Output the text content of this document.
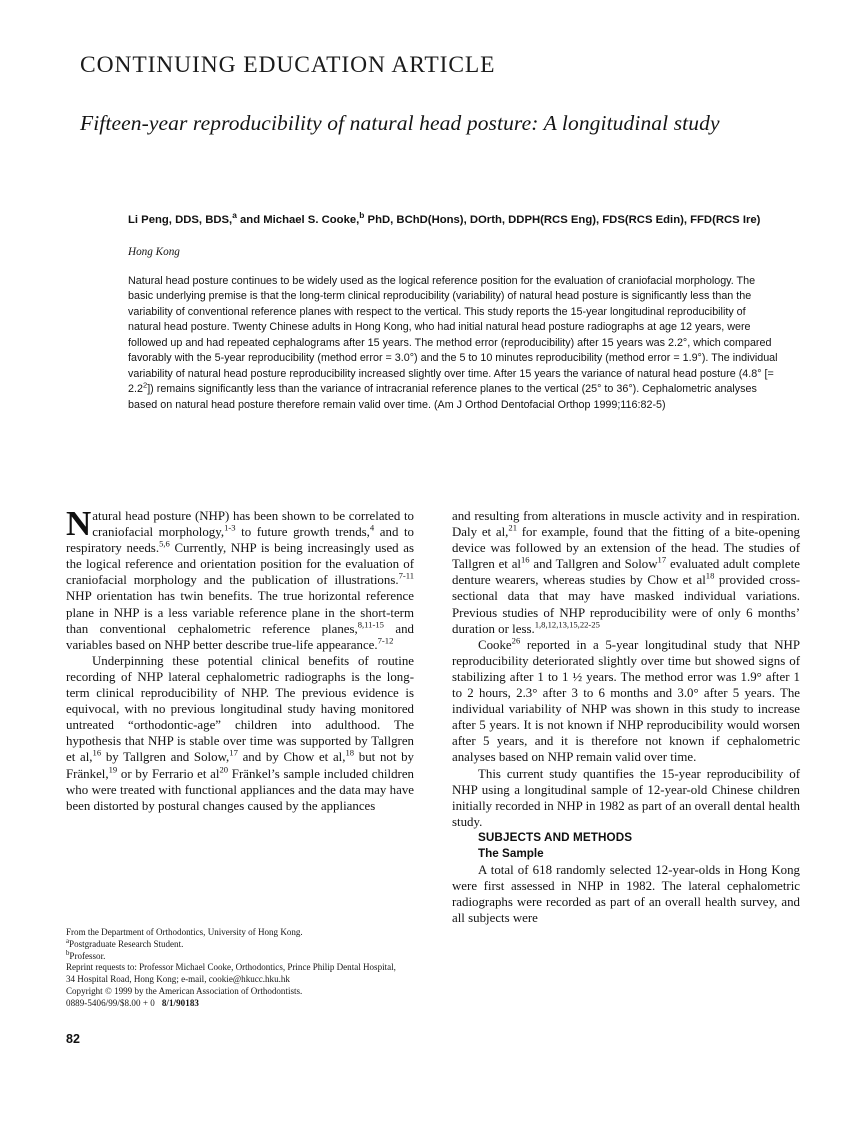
CONTINUING EDUCATION ARTICLE
Fifteen-year reproducibility of natural head posture: A longitudinal study
Li Peng, DDS, BDS,$^a$ and Michael S. Cooke,$^b$ PhD, BChD(Hons), DOrth, DDPH(RCS Eng), FDS(RCS Edin), FFD(RCS Ire)
Hong Kong
Natural head posture continues to be widely used as the logical reference position for the evaluation of craniofacial morphology. The basic underlying premise is that the long-term clinical reproducibility (variability) of natural head posture is significantly less than the variability of conventional reference planes with respect to the vertical. This study reports the 15-year longitudinal reproducibility of natural head posture. Twenty Chinese adults in Hong Kong, who had initial natural head posture radiographs at age 12 years, were followed up and had repeated cephalograms after 15 years. The method error (reproducibility) after 15 years was 2.2°, which compared favorably with the 5-year reproducibility (method error = 3.0°) and the 5 to 10 minutes reproducibility (method error = 1.9°). The individual variability of natural head posture reproducibility increased slightly over time. After 15 years the variance of natural head posture (4.8° [= $2.2^2$]) remains significantly less than the variance of intracranial reference planes to the vertical (25° to 36°). Cephalometric analyses based on natural head posture therefore remain valid over time. (Am J Orthod Dentofacial Orthop 1999;116:82-5)

Natural head posture (NHP) has been shown to be correlated to craniofacial morphology,$^{1-3}$ to future growth trends,$^4$ and to respiratory needs.$^{5,6}$ Currently, NHP is being increasingly used as the logical reference and orientation position for the evaluation of craniofacial morphology and the publication of illustrations.$^{7-11}$ NHP orientation has twin benefits. The true horizontal reference plane in NHP is a less variable reference plane in the short-term than conventional cephalometric reference planes,$^{8,11-15}$ and variables based on NHP better describe true-life appearance.$^{7-12}$

Underpinning these potential clinical benefits of routine recording of NHP lateral cephalometric radiographs is the long-term clinical reproducibility of NHP. The previous evidence is equivocal, with no previous longitudinal study having monitored untreated “orthodontic-age” children into adulthood. The hypothesis that NHP is stable over time was supported by Tallgren et al,$^{16}$ by Tallgren and Solow,$^{17}$ and by Chow et al,$^{18}$ but not by Fränkel,$^{19}$ or by Ferrario et $al^{20}$ Fränkel’s sample included children who were treated with functional appliances and the data may have been distorted by postural changes caused by the appliances

and resulting from alterations in muscle activity and in respiration. Daly et al,$^{21}$ for example, found that the fitting of a bite-opening device was followed by an extension of the head. The studies of Tallgren et $al^{16}$ and Tallgren and Solow$^{17}$ evaluated adult complete denture wearers, whereas studies by Chow et $al^{18}$ provided cross-sectional data that may have masked individual variations. Previous studies of NHP reproducibility were of only 6 months’ duration or less.$^{1,8,12,13,15,22-25}$

Cooke$^{26}$ reported in a 5-year longitudinal study that NHP reproducibility deteriorated slightly over time but showed signs of stabilizing after 1 to 1 ½ years. The method error was 1.9° after 1 to 2 hours, 2.3° after 3 to 6 months and 3.0° after 5 years. The individual variability of NHP was shown in this study to increase after 5 years. It is not known if NHP reproducibility would worsen after 5 years, and it is therefore not known if cephalometric analyses based on NHP remain valid over time.

This current study quantifies the 15-year reproducibility of NHP using a longitudinal sample of 12-year-old Chinese children initially recorded in NHP in 1982 as part of an overall dental health study.

SUBJECTS AND METHODS

The Sample

A total of 618 randomly selected 12-year-olds in Hong Kong were first assessed in NHP in 1982. The lateral cephalometric radiographs were recorded as part of an overall health survey, and all subjects were

From the Department of Orthodontics, University of Hong Kong.
$^a$Postgraduate Research Student.
$^b$Professor.
Reprint requests to: Professor Michael Cooke, Orthodontics, Prince Philip Dental Hospital, 34 Hospital Road, Hong Kong; e-mail, cookie@hkucc.hku.hk
Copyright © 1999 by the American Association of Orthodontists.
0889-5406/99/$8.00 + 0 8/1/90183
82
